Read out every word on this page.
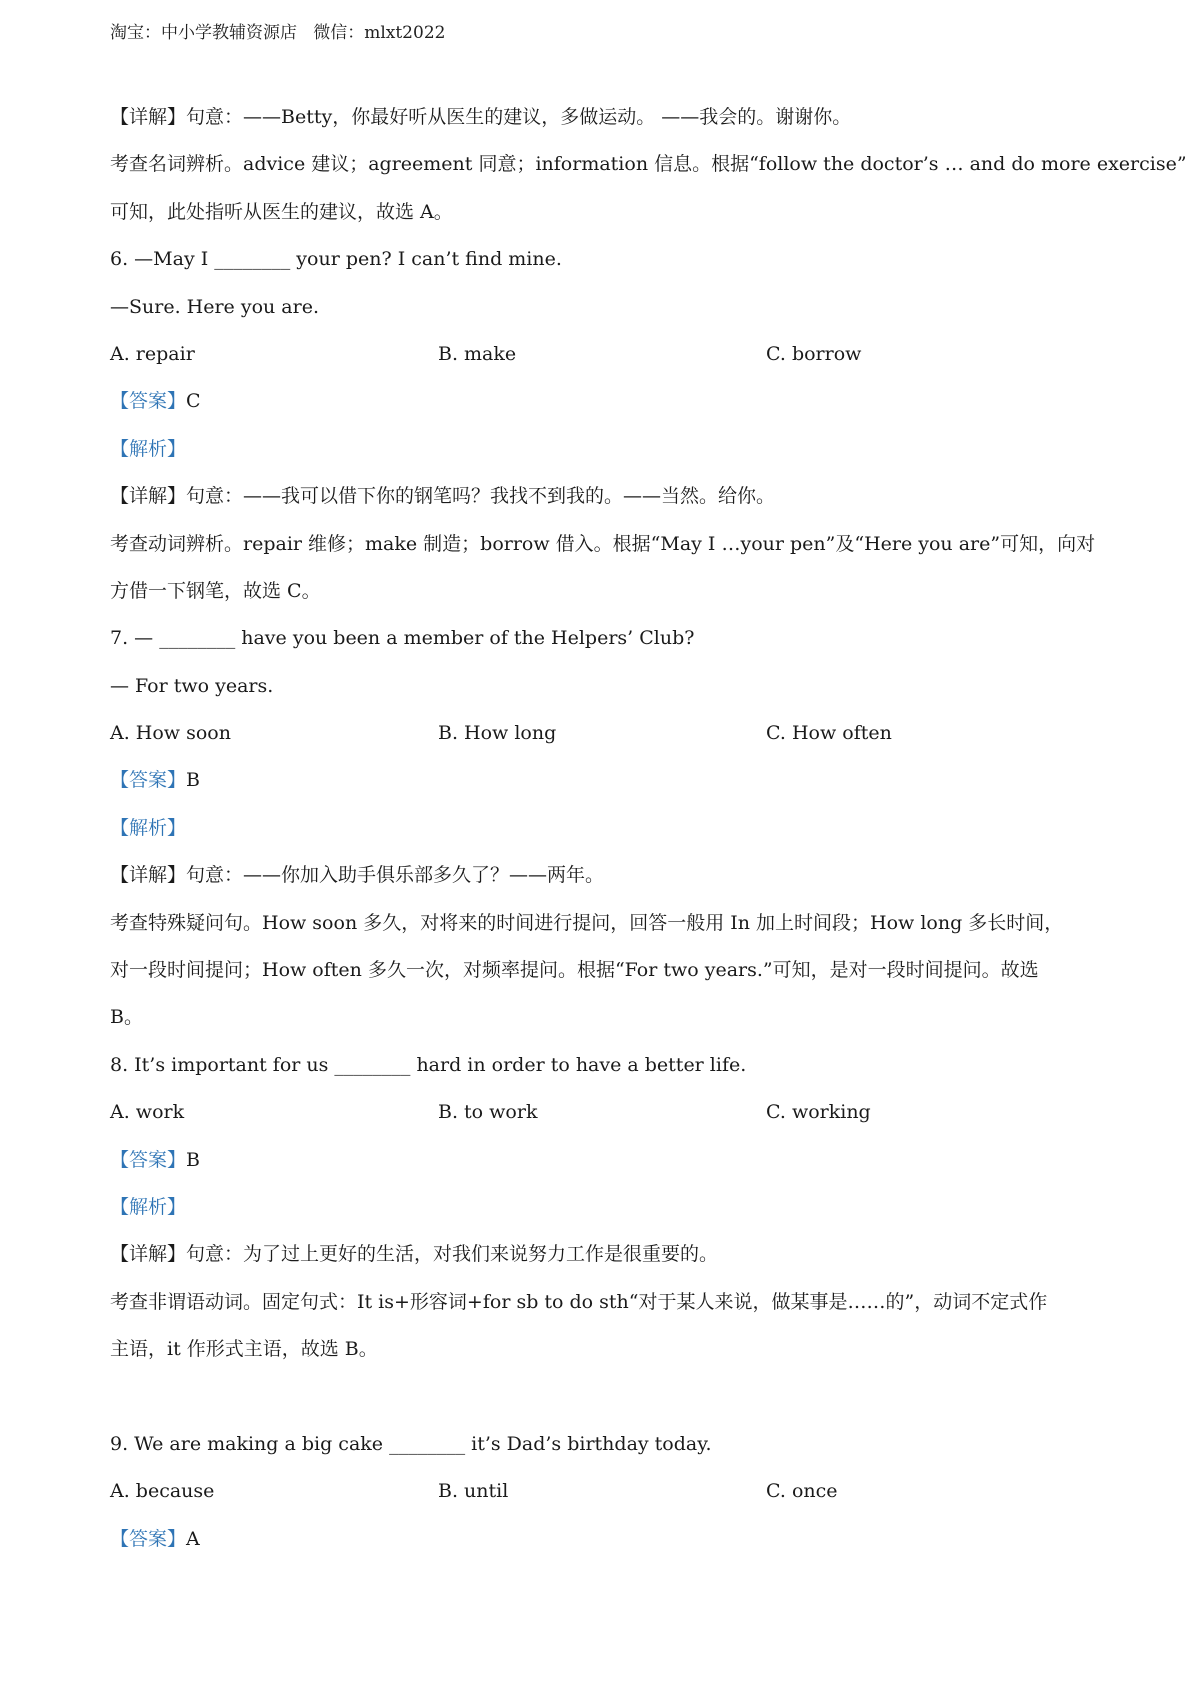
淘宝：中小学教辅资源店   微信：mlxt2022
【详解】句意：——Betty，你最好听从医生的建议，多做运动。 ——我会的。谢谢你。
考查名词辨析。advice 建议；agreement 同意；information 信息。根据“follow the doctor’s … and do more exercise”
可知，此处指听从医生的建议，故选 A。
6. —May I ________ your pen? I can’t find mine.
—Sure. Here you are.
A. repair	B. make	C. borrow
【答案】C
【解析】
【详解】句意：——我可以借下你的钢笔吗？我找不到我的。——当然。给你。
考查动词辨析。repair 维修；make 制造；borrow 借入。根据“May I …your pen”及“Here you are”可知，向对
方借一下钢笔，故选 C。
7. — ________ have you been a member of the Helpers’ Club?
— For two years.
A. How soon	B. How long	C. How often
【答案】B
【解析】
【详解】句意：——你加入助手俱乐部多久了？——两年。
考查特殊疑问句。How soon 多久，对将来的时间进行提问，回答一般用 In 加上时间段；How long 多长时间，
对一段时间提问；How often 多久一次，对频率提问。根据“For two years.”可知，是对一段时间提问。故选
B。
8. It’s important for us ________ hard in order to have a better life.
A. work	B. to work	C. working
【答案】B
【解析】
【详解】句意：为了过上更好的生活，对我们来说努力工作是很重要的。
考查非谓语动词。固定句式：It is+形容词+for sb to do sth“对于某人来说，做某事是……的”，动词不定式作
主语，it 作形式主语，故选 B。
9. We are making a big cake ________ it’s Dad’s birthday today.
A. because	B. until	C. once
【答案】A
